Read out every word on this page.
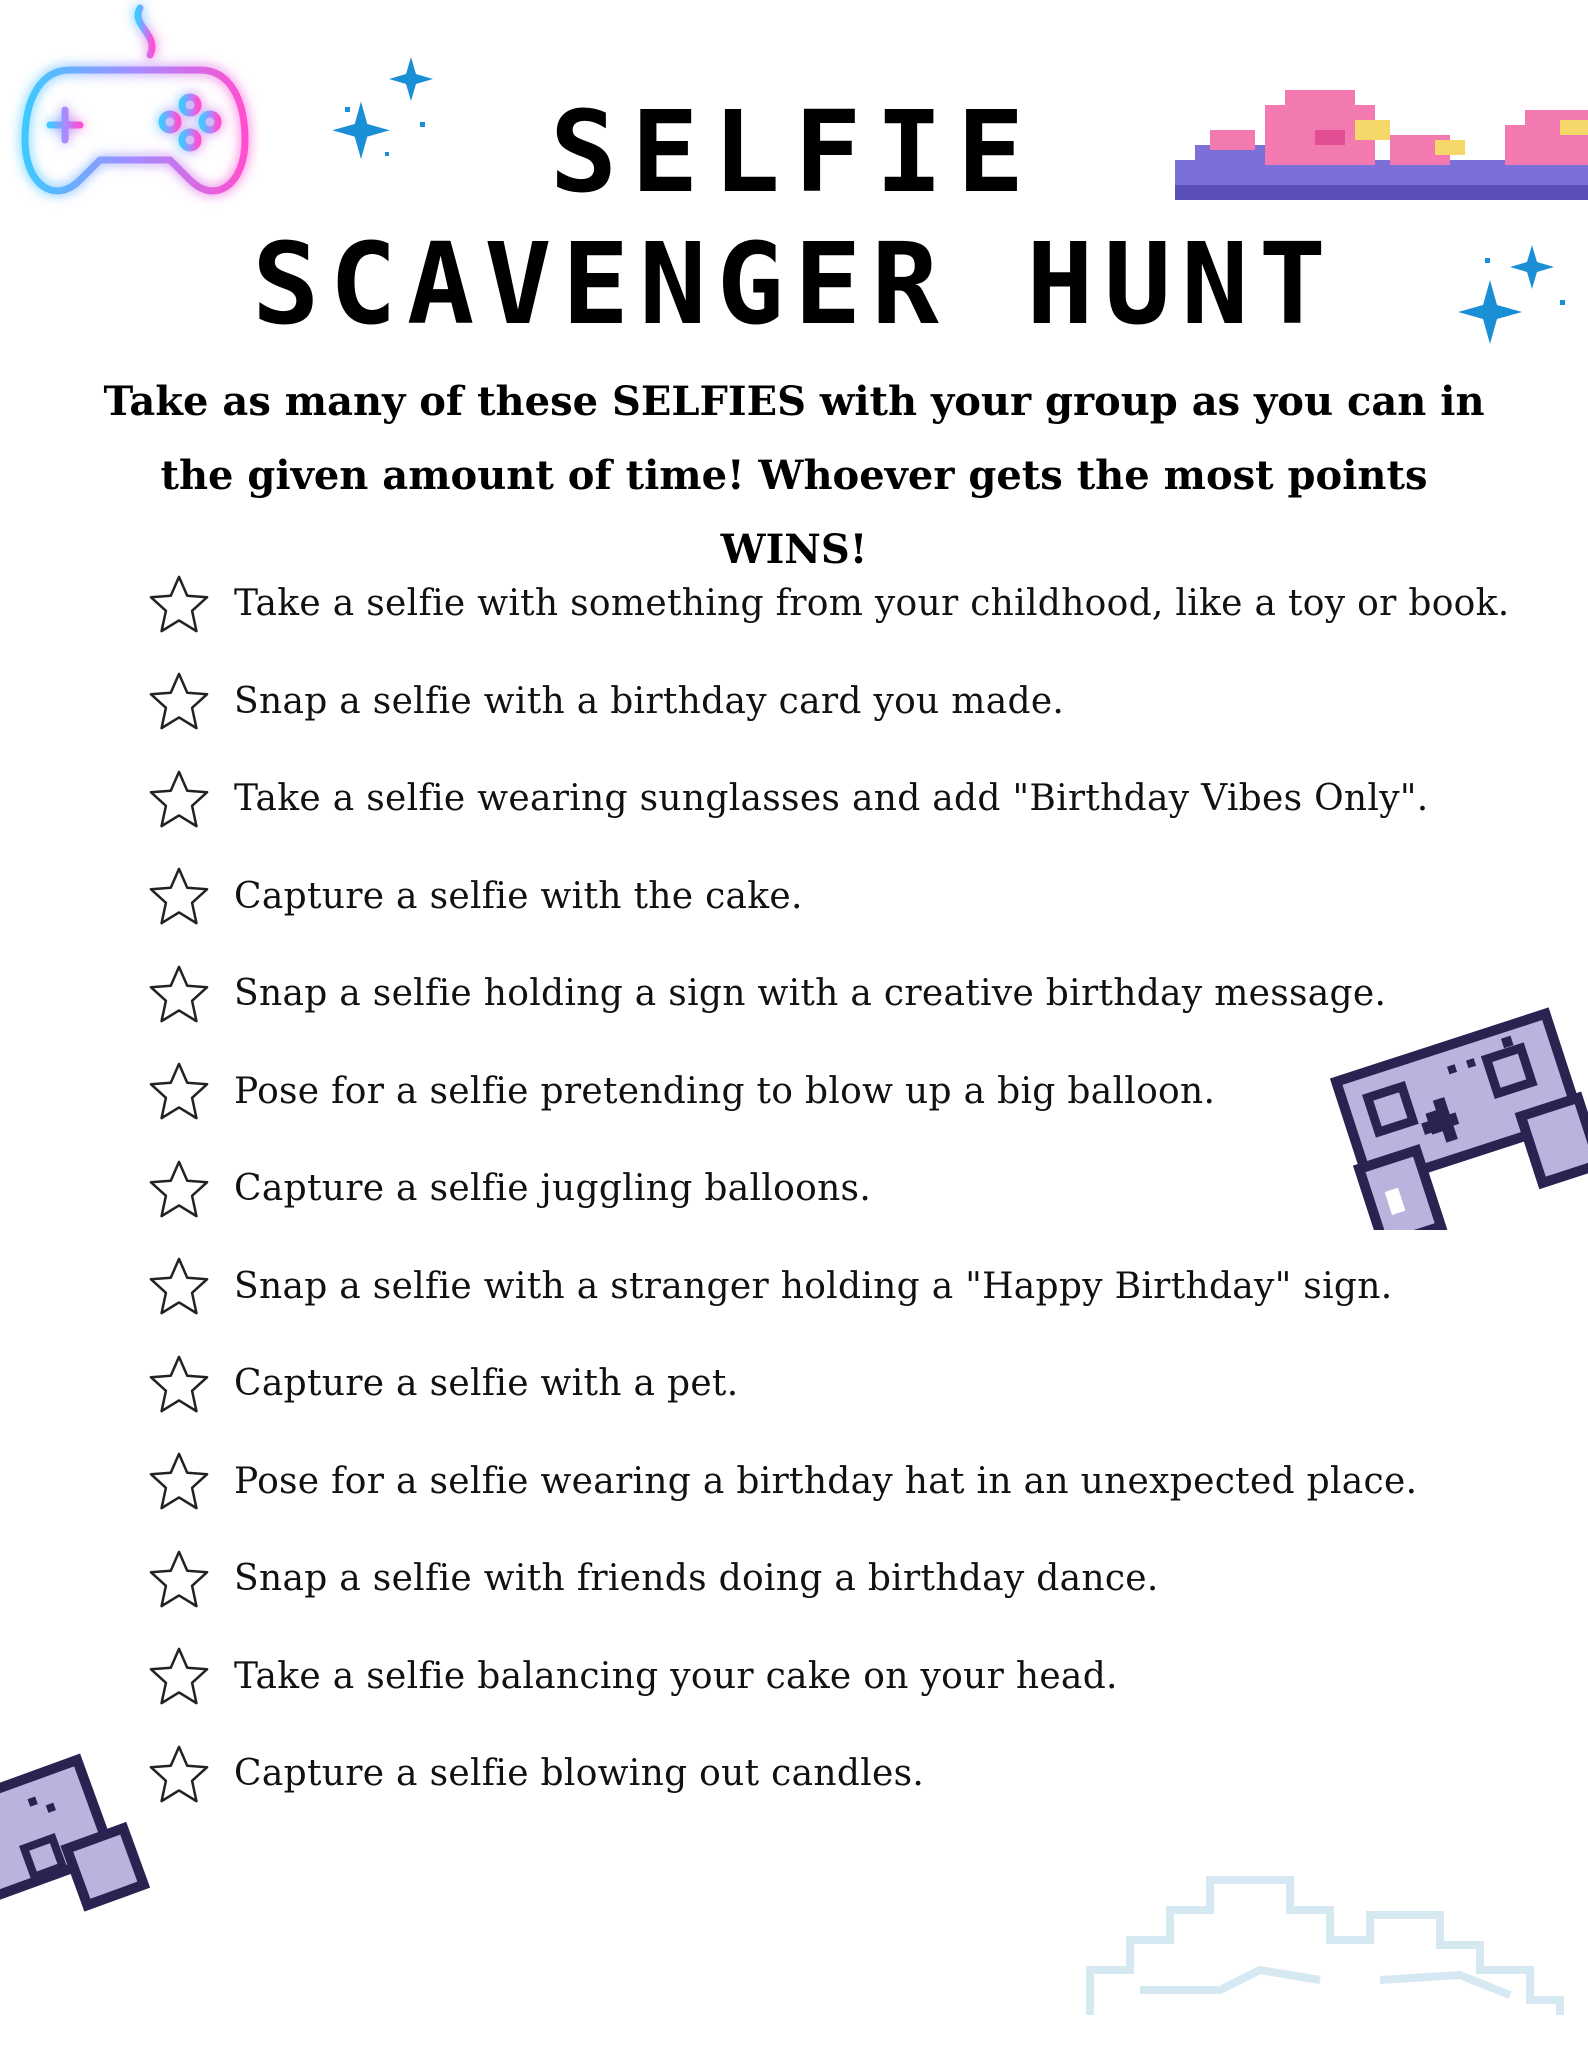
SELFIE
SCAVENGER HUNT
Take as many of these SELFIES with your group as you can in the given amount of time! Whoever gets the most points WINS!
Take a selfie with something from your childhood, like a toy or book.
Snap a selfie with a birthday card you made.
Take a selfie wearing sunglasses and add "Birthday Vibes Only".
Capture a selfie with the cake.
Snap a selfie holding a sign with a creative birthday message.
Pose for a selfie pretending to blow up a big balloon.
Capture a selfie juggling balloons.
Snap a selfie with a stranger holding a "Happy Birthday" sign.
Capture a selfie with a pet.
Pose for a selfie wearing a birthday hat in an unexpected place.
Snap a selfie with friends doing a birthday dance.
Take a selfie balancing your cake on your head.
Capture a selfie blowing out candles.
